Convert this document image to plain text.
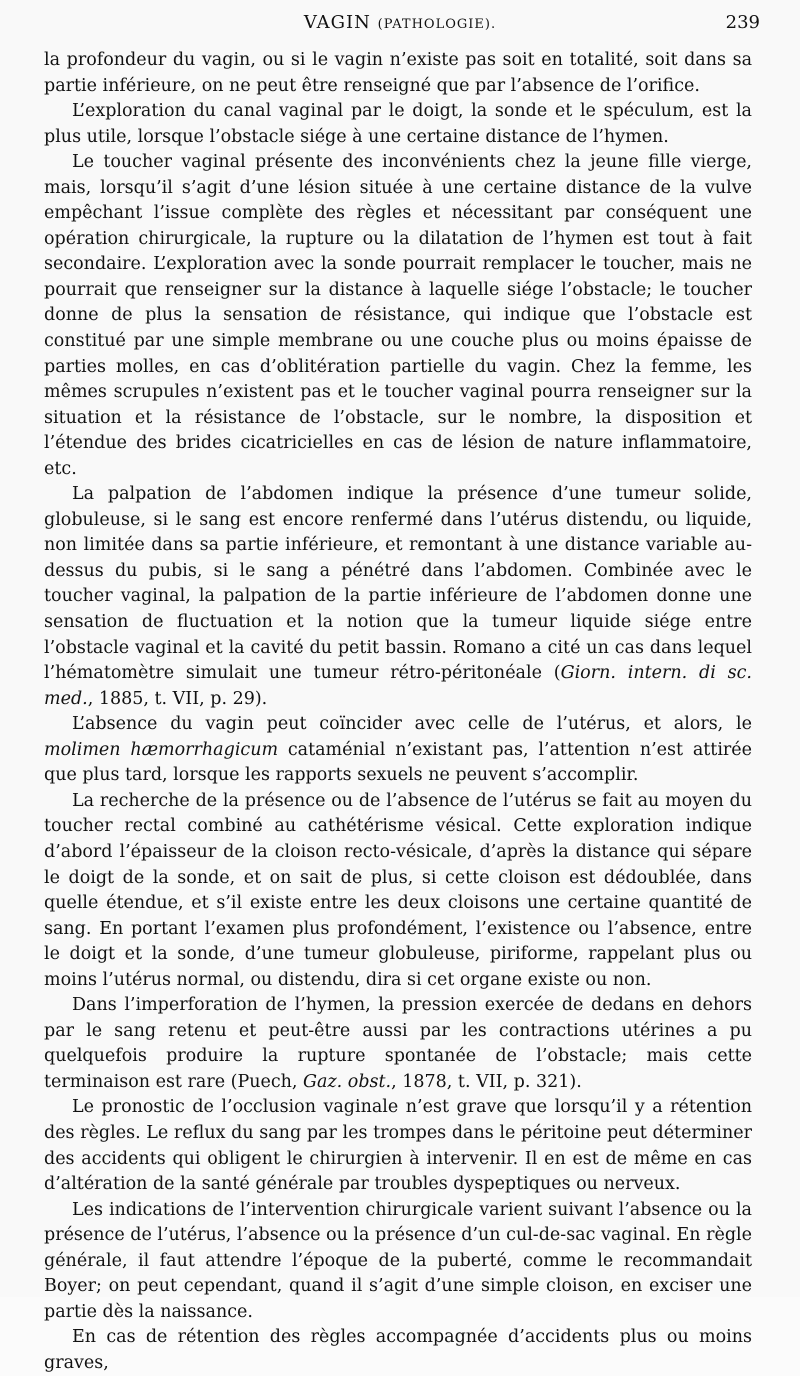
VAGIN (PATHOLOGIE).	239

la profondeur du vagin, ou si le vagin n’existe pas soit en totalité, soit dans sa partie inférieure, on ne peut être renseigné que par l’absence de l’orifice.

L’exploration du canal vaginal par le doigt, la sonde et le spéculum, est la plus utile, lorsque l’obstacle siége à une certaine distance de l’hymen.

Le toucher vaginal présente des inconvénients chez la jeune fille vierge, mais, lorsqu’il s’agit d’une lésion située à une certaine distance de la vulve empêchant l’issue complète des règles et nécessitant par conséquent une opération chirurgicale, la rupture ou la dilatation de l’hymen est tout à fait secondaire. L’exploration avec la sonde pourrait remplacer le toucher, mais ne pourrait que renseigner sur la distance à laquelle siége l’obstacle; le toucher donne de plus la sensation de résistance, qui indique que l’obstacle est constitué par une simple membrane ou une couche plus ou moins épaisse de parties molles, en cas d’oblitération partielle du vagin. Chez la femme, les mêmes scrupules n’existent pas et le toucher vaginal pourra renseigner sur la situation et la résistance de l’obstacle, sur le nombre, la disposition et l’étendue des brides cicatricielles en cas de lésion de nature inflammatoire, etc.

La palpation de l’abdomen indique la présence d’une tumeur solide, globuleuse, si le sang est encore renfermé dans l’utérus distendu, ou liquide, non limitée dans sa partie inférieure, et remontant à une distance variable au-dessus du pubis, si le sang a pénétré dans l’abdomen. Combinée avec le toucher vaginal, la palpation de la partie inférieure de l’abdomen donne une sensation de fluctuation et la notion que la tumeur liquide siége entre l’obstacle vaginal et la cavité du petit bassin. Romano a cité un cas dans lequel l’hématomètre simulait une tumeur rétro-péritonéale (Giorn. intern. di sc. med., 1885, t. VII, p. 29).

L’absence du vagin peut coïncider avec celle de l’utérus, et alors, le molimen hæmorrhagicum cataménial n’existant pas, l’attention n’est attirée que plus tard, lorsque les rapports sexuels ne peuvent s’accomplir.

La recherche de la présence ou de l’absence de l’utérus se fait au moyen du toucher rectal combiné au cathétérisme vésical. Cette exploration indique d’abord l’épaisseur de la cloison recto-vésicale, d’après la distance qui sépare le doigt de la sonde, et on sait de plus, si cette cloison est dédoublée, dans quelle étendue, et s’il existe entre les deux cloisons une certaine quantité de sang. En portant l’examen plus profondément, l’existence ou l’absence, entre le doigt et la sonde, d’une tumeur globuleuse, piriforme, rappelant plus ou moins l’utérus normal, ou distendu, dira si cet organe existe ou non.

Dans l’imperforation de l’hymen, la pression exercée de dedans en dehors par le sang retenu et peut-être aussi par les contractions utérines a pu quelquefois produire la rupture spontanée de l’obstacle; mais cette terminaison est rare (Puech, Gaz. obst., 1878, t. VII, p. 321).

Le pronostic de l’occlusion vaginale n’est grave que lorsqu’il y a rétention des règles. Le reflux du sang par les trompes dans le péritoine peut déterminer des accidents qui obligent le chirurgien à intervenir. Il en est de même en cas d’altération de la santé générale par troubles dyspeptiques ou nerveux.

Les indications de l’intervention chirurgicale varient suivant l’absence ou la présence de l’utérus, l’absence ou la présence d’un cul-de-sac vaginal. En règle générale, il faut attendre l’époque de la puberté, comme le recommandait Boyer; on peut cependant, quand il s’agit d’une simple cloison, en exciser une partie dès la naissance.

En cas de rétention des règles accompagnée d’accidents plus ou moins graves,
